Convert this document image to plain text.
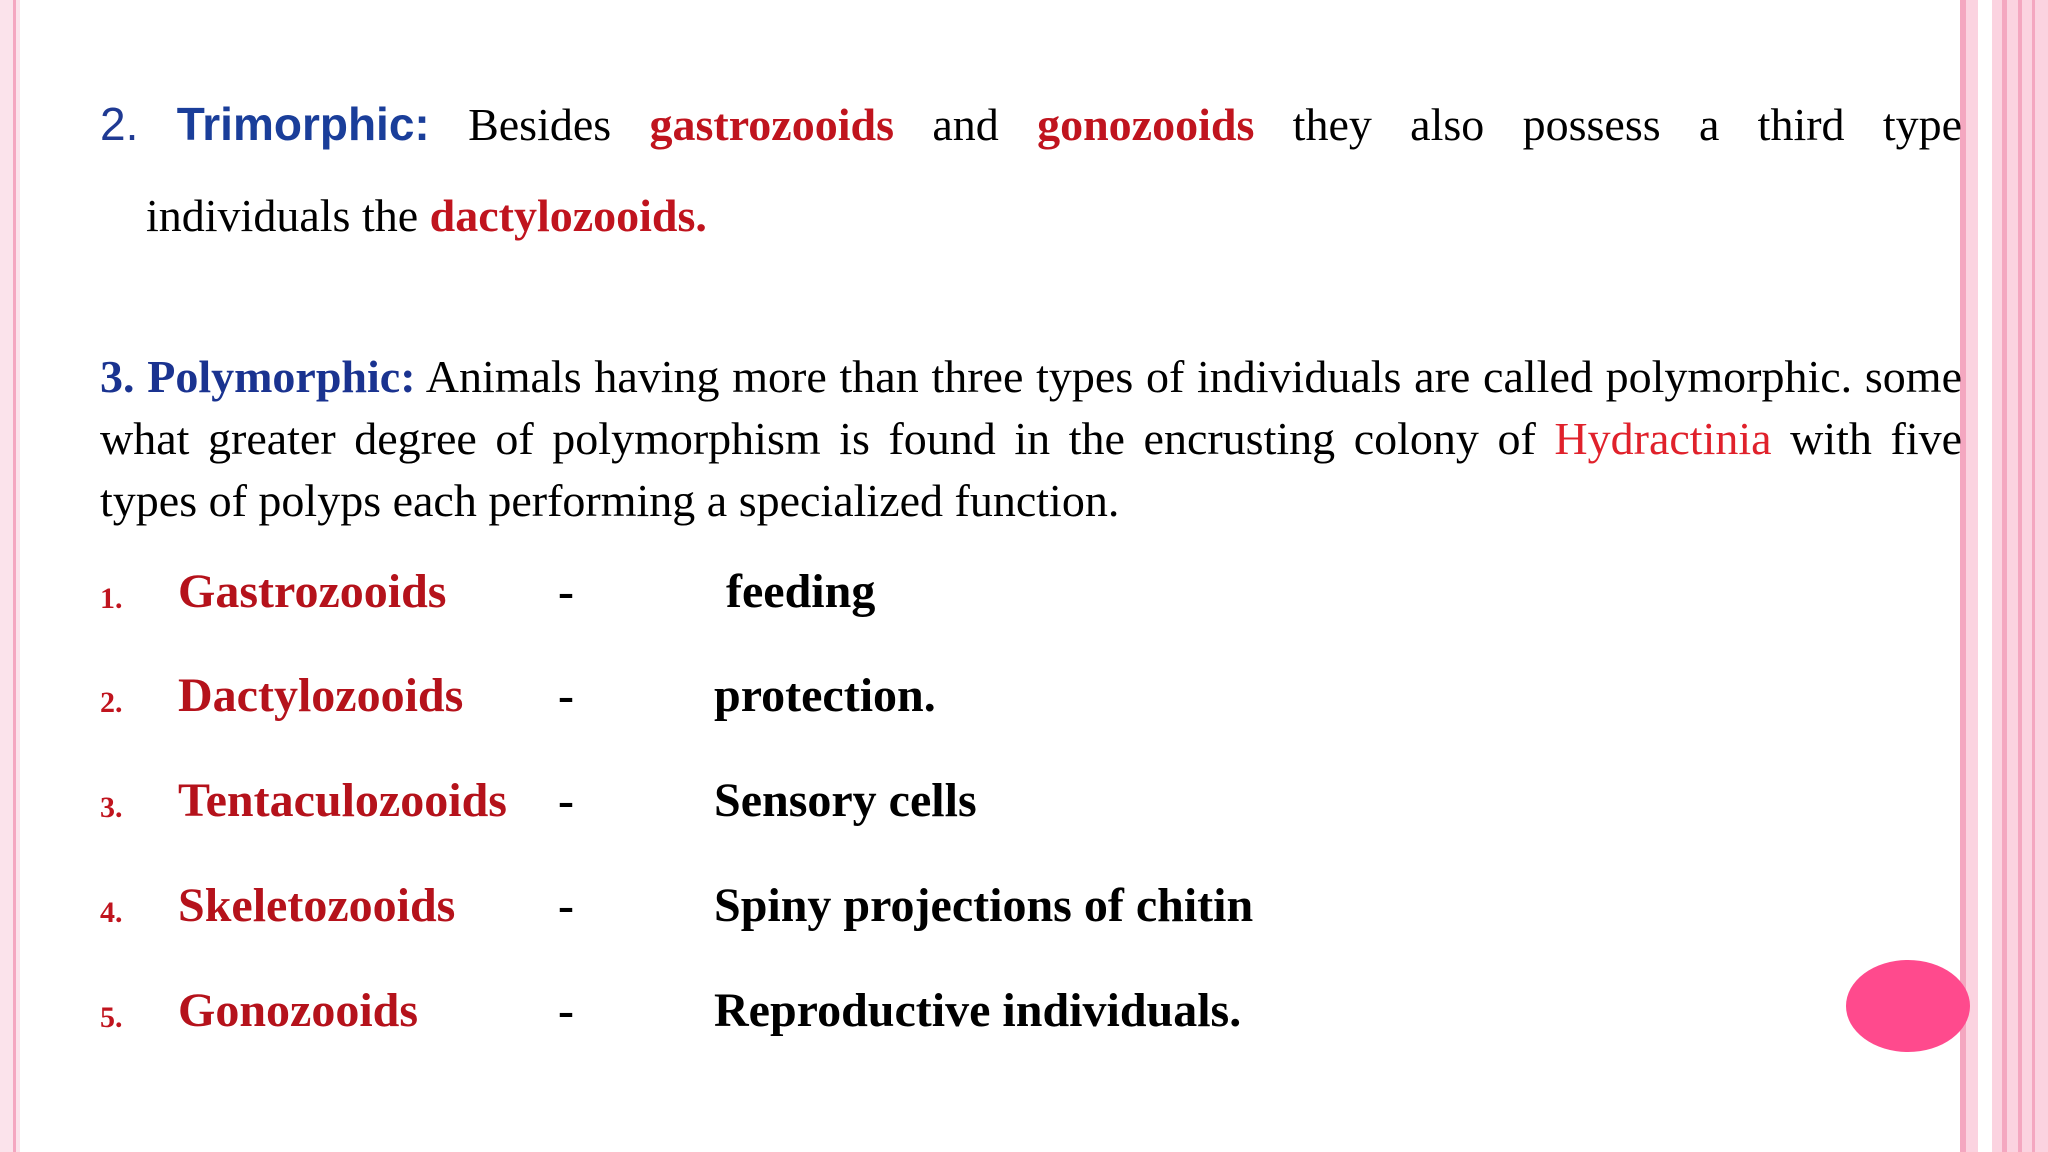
2. Trimorphic: Besides gastrozooids and gonozooids they also possess a third type
individuals the dactylozooids.
3. Polymorphic: Animals having more than three types of individuals are called polymorphic. some what greater degree of polymorphism is found in the encrusting colony of Hydractinia with five types of polyps each performing a specialized function.
1. Gastrozooids -	feeding
2. Dactylozooids -	protection.
3. Tentaculozooids -	Sensory cells
4. Skeletozooids -	Spiny projections of chitin
5. Gonozooids	-	Reproductive individuals.
